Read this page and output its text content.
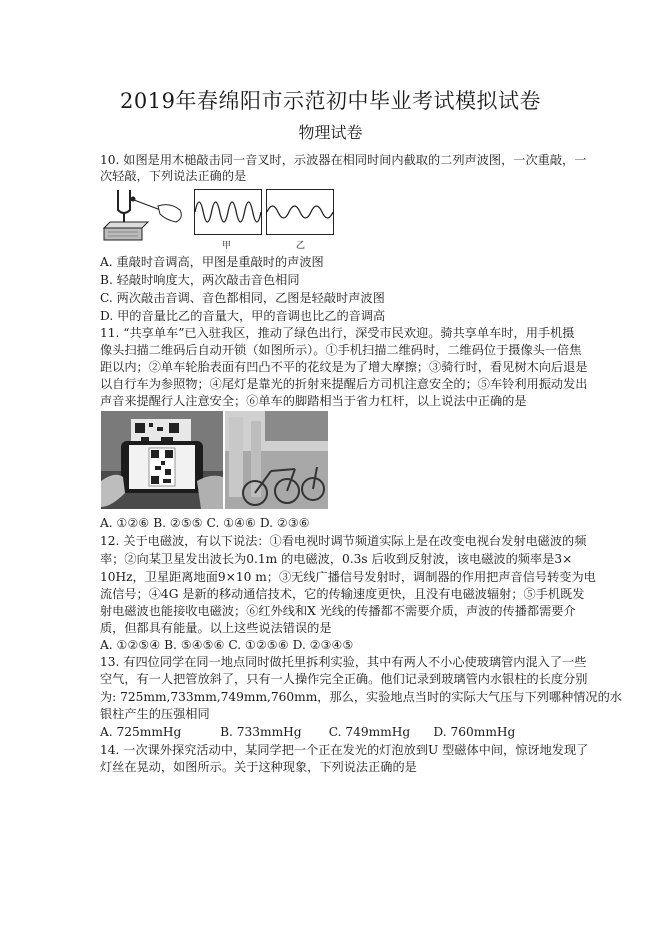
2019年春绵阳市示范初中毕业考试模拟试卷
物理试卷
10. 如图是用木槌敲击同一音叉时，示波器在相同时间内截取的二列声波图，一次重敲，一
次轻敲，下列说法正确的是
甲	乙
A. 重敲时音调高，甲图是重敲时的声波图
B. 轻敲时响度大，两次敲击音色相同
C. 两次敲击音调、音色都相同，乙图是轻敲时声波图
D. 甲的音量比乙的音量大，甲的音调也比乙的音调高
11. “共享单车”已入驻我区，推动了绿色出行，深受市民欢迎。骑共享单车时，用手机摄
像头扫描二维码后自动开锁（如图所示）。①手机扫描二维码时，二维码位于摄像头一倍焦
距以内；②单车轮胎表面有凹凸不平的花纹是为了增大摩擦；③骑行时，看见树木向后退是
以自行车为参照物；④尾灯是靠光的折射来提醒后方司机注意安全的；⑤车铃利用振动发出
声音来提醒行人注意安全；⑥单车的脚踏相当于省力杠杆，以上说法中正确的是
A. ①②⑥ B. ②⑤⑤ C. ①④⑥ D. ②③⑥
12. 关于电磁波，有以下说法：①看电视时调节频道实际上是在改变电视台发射电磁波的频
率；②向某卫星发出波长为0.1m 的电磁波，0.3s 后收到反射波，该电磁波的频率是3×
10Hz，卫星距离地面9×10 m；③无线广播信号发射时，调制器的作用把声音信号转变为电
流信号；④4G 是新的移动通信技术，它的传输速度更快，且没有电磁波辐射；⑤手机既发
射电磁波也能接收电磁波；⑥红外线和X 光线的传播都不需要介质，声波的传播都需要介
质，但都具有能量。以上这些说法错误的是
A. ①②⑤④ B. ⑤④⑤⑥ C. ①②⑤⑥ D. ②③④⑤
13. 有四位同学在同一地点同时做托里拆利实验，其中有两人不小心使玻璃管内混入了一些
空气，有一人把管放斜了，只有一人操作完全正确。他们记录到玻璃管内水银柱的长度分别
为: 725mm,733mm,749mm,760mm，那么，实验地点当时的实际大气压与下列哪种情况的水
银柱产生的压强相同
A. 725mmHg          B. 733mmHg       C. 749mmHg      D. 760mmHg
14. 一次课外探究活动中，某同学把一个正在发光的灯泡放到U 型磁体中间，惊讶地发现了
灯丝在晃动，如图所示。关于这种现象，下列说法正确的是
